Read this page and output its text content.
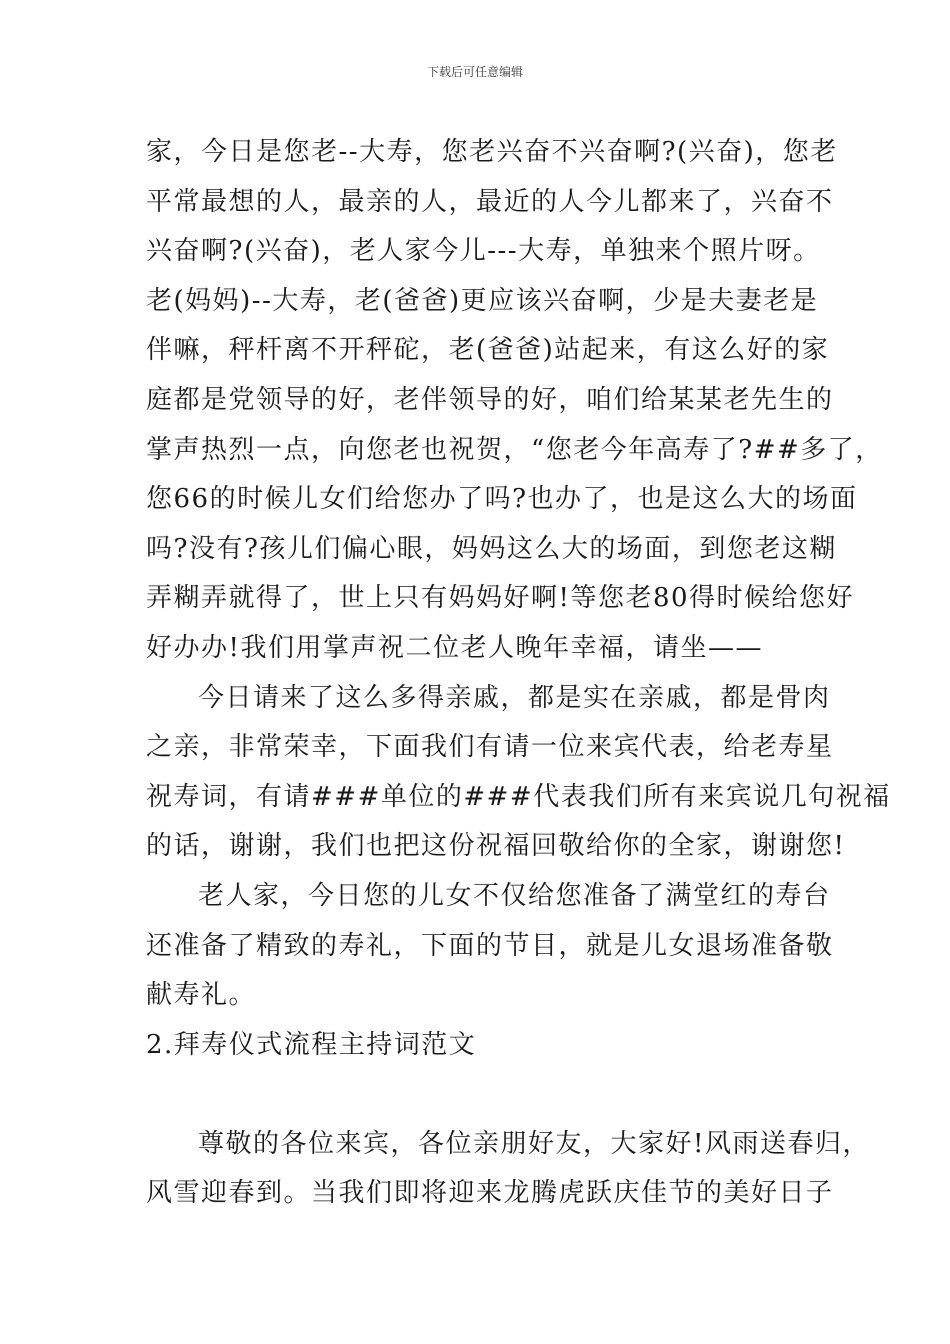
下载后可任意编辑
家，今日是您老--大寿，您老兴奋不兴奋啊?(兴奋)，您老
平常最想的人，最亲的人，最近的人今儿都来了，兴奋不
兴奋啊?(兴奋)，老人家今儿---大寿，单独来个照片呀。
老(妈妈)--大寿，老(爸爸)更应该兴奋啊，少是夫妻老是
伴嘛，秤杆离不开秤砣，老(爸爸)站起来，有这么好的家
庭都是党领导的好，老伴领导的好，咱们给某某老先生的
掌声热烈一点，向您老也祝贺，“您老今年高寿了?##多了，
您66的时候儿女们给您办了吗?也办了，也是这么大的场面
吗?没有?孩儿们偏心眼，妈妈这么大的场面，到您老这糊
弄糊弄就得了，世上只有妈妈好啊!等您老80得时候给您好
好办办!我们用掌声祝二位老人晚年幸福，请坐——
今日请来了这么多得亲戚，都是实在亲戚，都是骨肉
之亲，非常荣幸，下面我们有请一位来宾代表，给老寿星
祝寿词，有请###单位的###代表我们所有来宾说几句祝福
的话，谢谢，我们也把这份祝福回敬给你的全家，谢谢您!
老人家，今日您的儿女不仅给您准备了满堂红的寿台
还准备了精致的寿礼，下面的节目，就是儿女退场准备敬
献寿礼。
2.拜寿仪式流程主持词范文
尊敬的各位来宾，各位亲朋好友，大家好!风雨送春归，
风雪迎春到。当我们即将迎来龙腾虎跃庆佳节的美好日子
